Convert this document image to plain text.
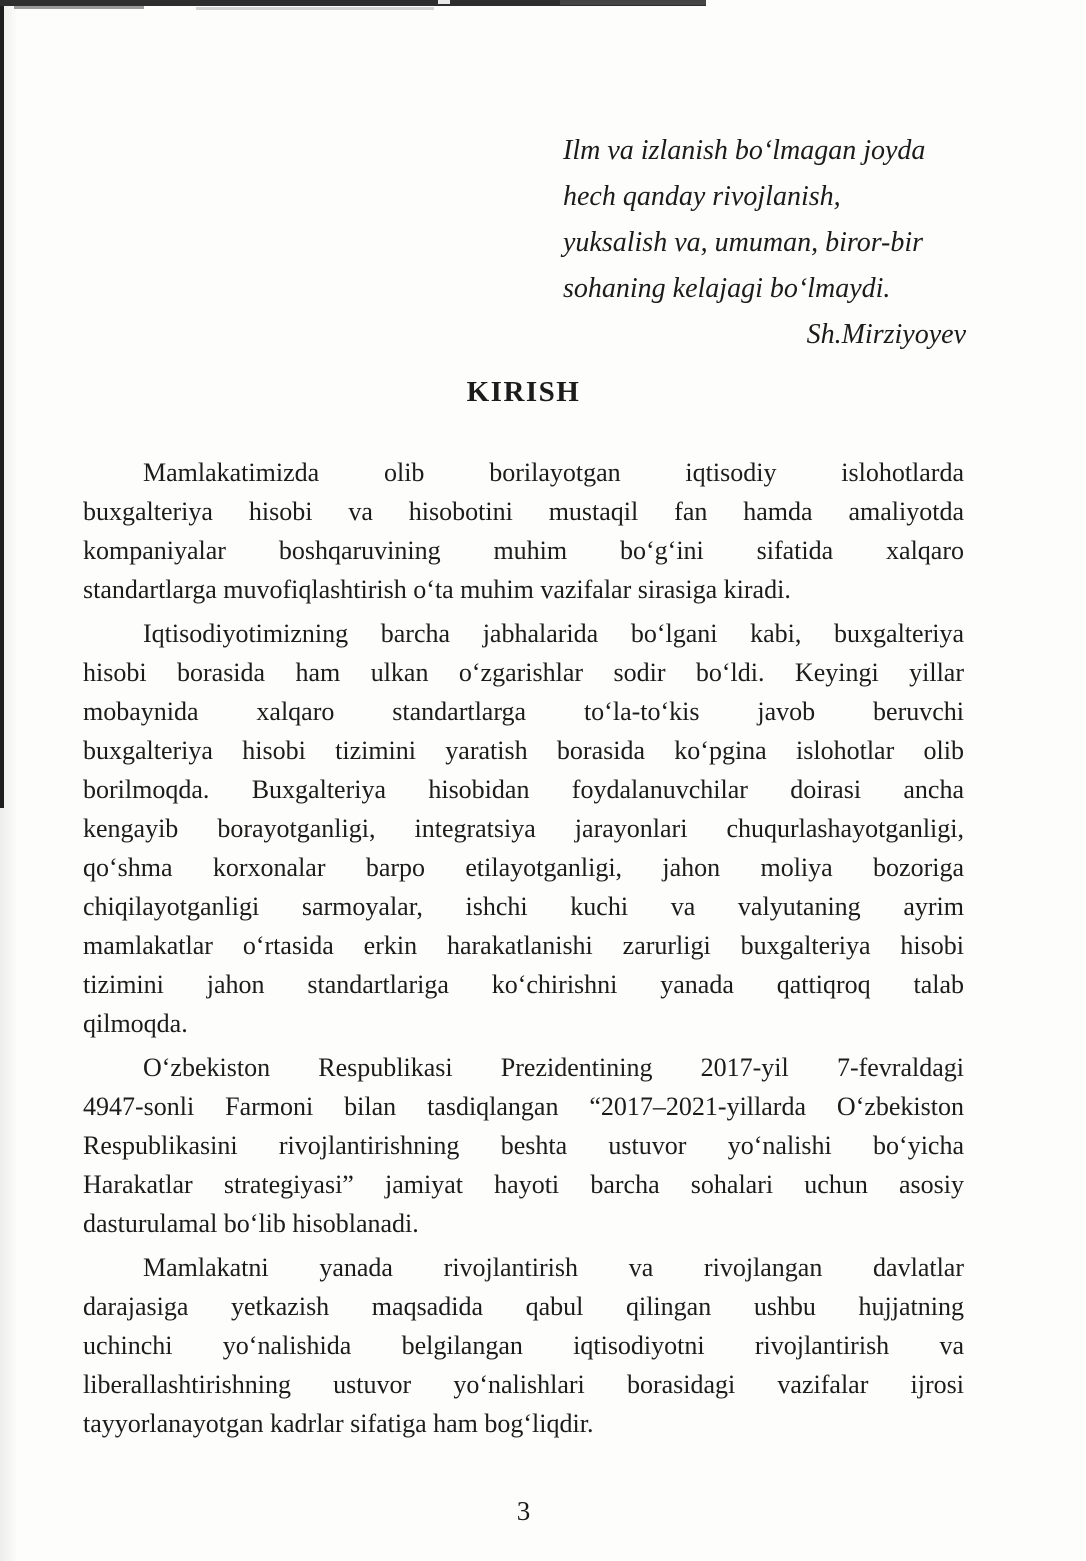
Ilm va izlanish bo‘lmagan joyda
hech qanday rivojlanish,
yuksalish va, umuman, biror-bir
sohaning kelajagi bo‘lmaydi.
Sh.Mirziyoyev
KIRISH
Mamlakatimizda olib borilayotgan iqtisodiy islohotlarda
buxgalteriya hisobi va hisobotini mustaqil fan hamda amaliyotda
kompaniyalar boshqaruvining muhim bo‘g‘ini sifatida xalqaro
standartlarga muvofiqlashtirish o‘ta muhim vazifalar sirasiga kiradi.
Iqtisodiyotimizning barcha jabhalarida bo‘lgani kabi, buxgalteriya
hisobi borasida ham ulkan o‘zgarishlar sodir bo‘ldi. Keyingi yillar
mobaynida xalqaro standartlarga to‘la-to‘kis javob beruvchi
buxgalteriya hisobi tizimini yaratish borasida ko‘pgina islohotlar olib
borilmoqda. Buxgalteriya hisobidan foydalanuvchilar doirasi ancha
kengayib borayotganligi, integratsiya jarayonlari chuqurlashayotganligi,
qo‘shma korxonalar barpo etilayotganligi, jahon moliya bozoriga
chiqilayotganligi sarmoyalar, ishchi kuchi va valyutaning ayrim
mamlakatlar o‘rtasida erkin harakatlanishi zarurligi buxgalteriya hisobi
tizimini jahon standartlariga ko‘chirishni yanada qattiqroq talab
qilmoqda.
O‘zbekiston Respublikasi Prezidentining 2017-yil 7-fevraldagi
4947-sonli Farmoni bilan tasdiqlangan “2017–2021-yillarda O‘zbekiston
Respublikasini rivojlantirishning beshta ustuvor yo‘nalishi bo‘yicha
Harakatlar strategiyasi” jamiyat hayoti barcha sohalari uchun asosiy
dasturulamal bo‘lib hisoblanadi.
Mamlakatni yanada rivojlantirish va rivojlangan davlatlar
darajasiga yetkazish maqsadida qabul qilingan ushbu hujjatning
uchinchi yo‘nalishida belgilangan iqtisodiyotni rivojlantirish va
liberallashtirishning ustuvor yo‘nalishlari borasidagi vazifalar ijrosi
tayyorlanayotgan kadrlar sifatiga ham bog‘liqdir.
3
